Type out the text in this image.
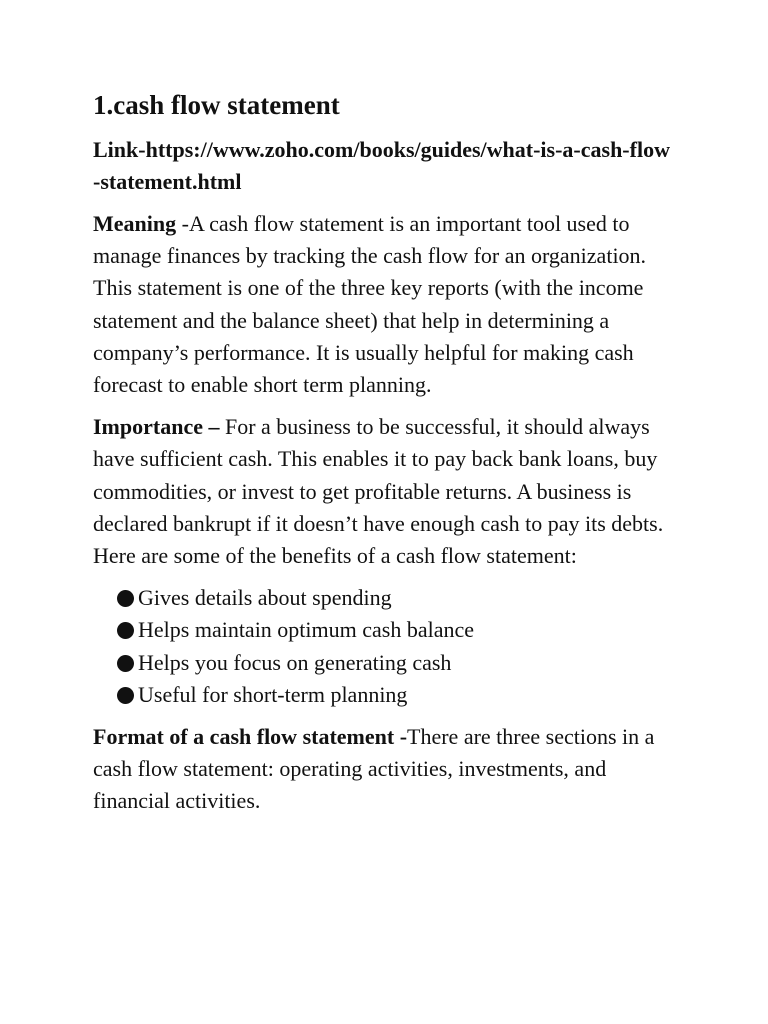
1.cash flow statement

Link-https://www.zoho.com/books/guides/what-is-a-cash-flow-statement.html

Meaning -A cash flow statement is an important tool used to manage finances by tracking the cash flow for an organization. This statement is one of the three key reports (with the income statement and the balance sheet) that help in determining a company’s performance. It is usually helpful for making cash forecast to enable short term planning.

Importance – For a business to be successful, it should always have sufficient cash. This enables it to pay back bank loans, buy commodities, or invest to get profitable returns. A business is declared bankrupt if it doesn’t have enough cash to pay its debts. Here are some of the benefits of a cash flow statement:

Gives details about spending
Helps maintain optimum cash balance
Helps you focus on generating cash
Useful for short-term planning

Format of a cash flow statement -There are three sections in a cash flow statement: operating activities, investments, and financial activities.
